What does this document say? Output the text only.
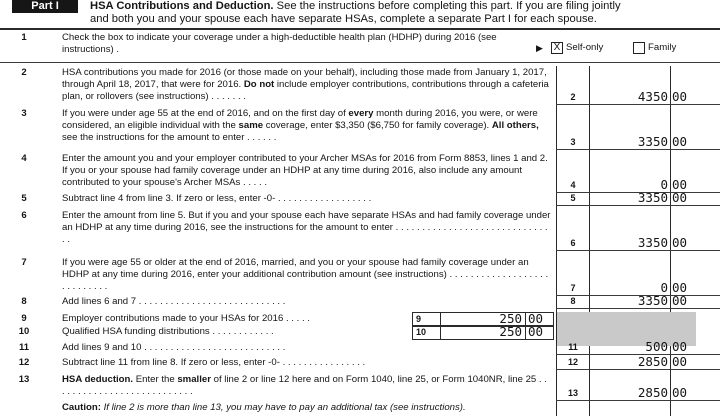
Part I	HSA Contributions and Deduction. See the instructions before completing this part. If you are filing jointly
and both you and your spouse each have separate HSAs, complete a separate Part I for each spouse.
1	Check the box to indicate your coverage under a high-deductible health plan (HDHP) during 2016 (see instructions) .	▶ X Self-only	Family
2	HSA contributions you made for 2016 (or those made on your behalf), including those made from January 1, 2017, through April 18, 2017, that were for 2016. Do not include employer contributions, contributions through a cafeteria plan, or rollovers (see instructions) . . . . . . .	2	4350 00
3	If you were under age 55 at the end of 2016, and on the first day of every month during 2016, you were, or were considered, an eligible individual with the same coverage, enter $3,350 ($6,750 for family coverage). All others, see the instructions for the amount to enter . . . . . .	3	3350 00
4	Enter the amount you and your employer contributed to your Archer MSAs for 2016 from Form 8853, lines 1 and 2. If you or your spouse had family coverage under an HDHP at any time during 2016, also include any amount contributed to your spouse's Archer MSAs . . . . .	4	0 00
5	Subtract line 4 from line 3. If zero or less, enter -0- . . . . . . . . . . . . . . . . . .	5	3350 00
6	Enter the amount from line 5. But if you and your spouse each have separate HSAs and had family coverage under an HDHP at any time during 2016, see the instructions for the amount to enter . . . . . . . . . . . . . . . . . . . . . . . . . . . . . . .	6	3350 00
7	If you were age 55 or older at the end of 2016, married, and you or your spouse had family coverage under an HDHP at any time during 2016, enter your additional contribution amount (see instructions) . . . . . . . . . . . . . . . . . . . . . . . . . . . .	7	0 00
8	Add lines 6 and 7 . . . . . . . . . . . . . . . . . . . . . . . . . . . .	8	3350 00
9	Employer contributions made to your HSAs for 2016 . . . . .	9	250 00
10	Qualified HSA funding distributions . . . . . . . . . . . .	10	250 00
11	Add lines 9 and 10 . . . . . . . . . . . . . . . . . . . . . . . . . . .	11	500 00
12	Subtract line 11 from line 8. If zero or less, enter -0- . . . . . . . . . . . . . . . .	12	2850 00
13	HSA deduction. Enter the smaller of line 2 or line 12 here and on Form 1040, line 25, or Form 1040NR, line 25 . . . . . . . . . . . . . . . . . . . . . . . . . . .	13	2850 00
Caution: If line 2 is more than line 13, you may have to pay an additional tax (see instructions).
